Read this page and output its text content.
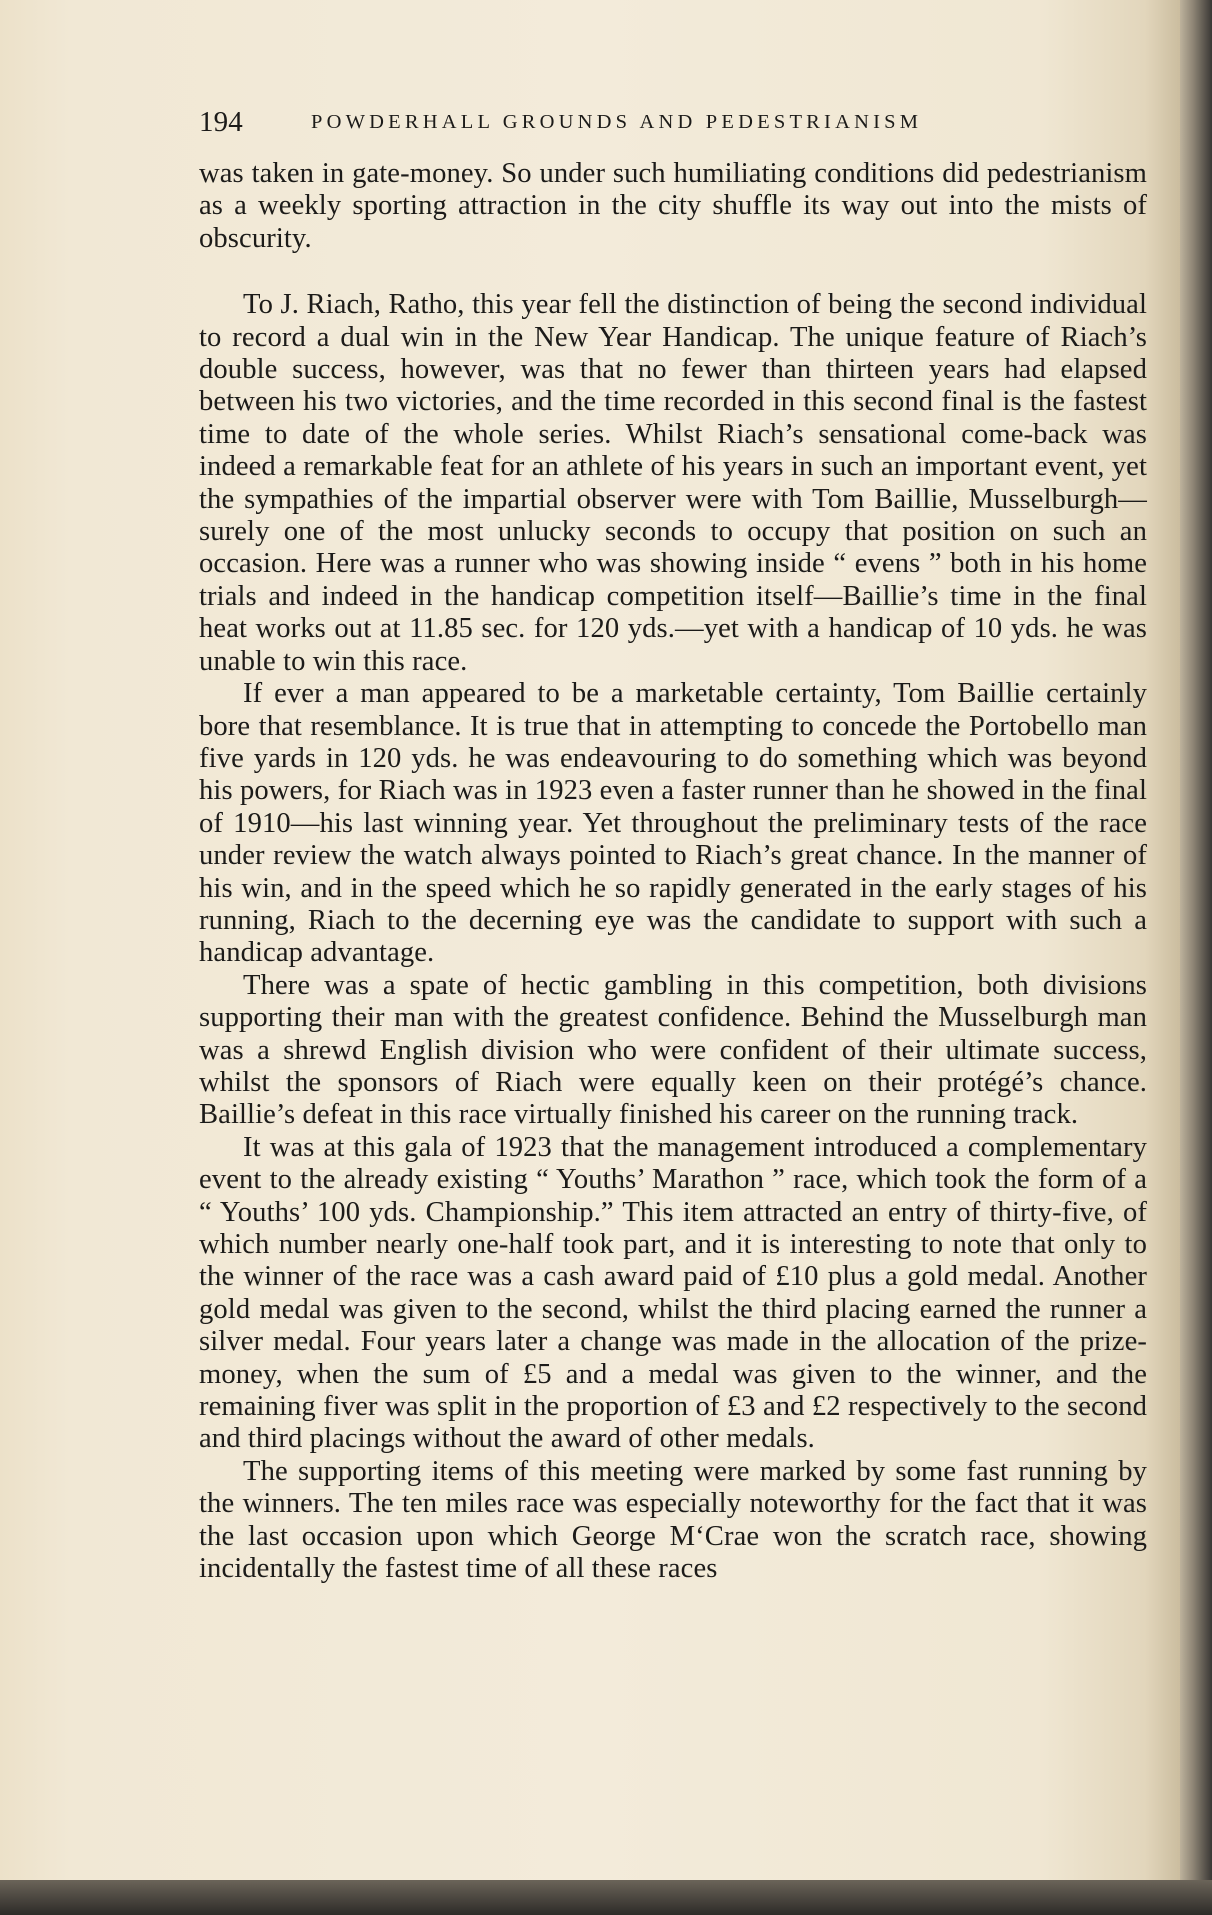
194	POWDERHALL GROUNDS AND PEDESTRIANISM

was taken in gate-money. So under such humiliating conditions did pedestrianism as a weekly sporting attraction in the city shuffle its way out into the mists of obscurity.

To J. Riach, Ratho, this year fell the distinction of being the second individual to record a dual win in the New Year Handicap. The unique feature of Riach’s double success, however, was that no fewer than thirteen years had elapsed between his two victories, and the time recorded in this second final is the fastest time to date of the whole series. Whilst Riach’s sensational come-back was indeed a remarkable feat for an athlete of his years in such an important event, yet the sympathies of the impartial observer were with Tom Baillie, Musselburgh—surely one of the most unlucky seconds to occupy that position on such an occasion. Here was a runner who was showing inside “ evens ” both in his home trials and indeed in the handicap competition itself—Baillie’s time in the final heat works out at 11.85 sec. for 120 yds.—yet with a handicap of 10 yds. he was unable to win this race.

If ever a man appeared to be a marketable certainty, Tom Baillie certainly bore that resemblance. It is true that in attempting to concede the Portobello man five yards in 120 yds. he was endeavouring to do something which was beyond his powers, for Riach was in 1923 even a faster runner than he showed in the final of 1910—his last winning year. Yet throughout the preliminary tests of the race under review the watch always pointed to Riach’s great chance. In the manner of his win, and in the speed which he so rapidly generated in the early stages of his running, Riach to the decerning eye was the candidate to support with such a handicap advantage.

There was a spate of hectic gambling in this competition, both divisions supporting their man with the greatest confidence. Behind the Musselburgh man was a shrewd English division who were confident of their ultimate success, whilst the sponsors of Riach were equally keen on their protégé’s chance. Baillie’s defeat in this race virtually finished his career on the running track.

It was at this gala of 1923 that the management introduced a complementary event to the already existing “ Youths’ Marathon ” race, which took the form of a “ Youths’ 100 yds. Championship.” This item attracted an entry of thirty-five, of which number nearly one-half took part, and it is interesting to note that only to the winner of the race was a cash award paid of £10 plus a gold medal. Another gold medal was given to the second, whilst the third placing earned the runner a silver medal. Four years later a change was made in the allocation of the prize-money, when the sum of £5 and a medal was given to the winner, and the remaining fiver was split in the proportion of £3 and £2 respectively to the second and third placings without the award of other medals.

The supporting items of this meeting were marked by some fast running by the winners. The ten miles race was especially noteworthy for the fact that it was the last occasion upon which George M‘Crae won the scratch race, showing incidentally the fastest time of all these races
